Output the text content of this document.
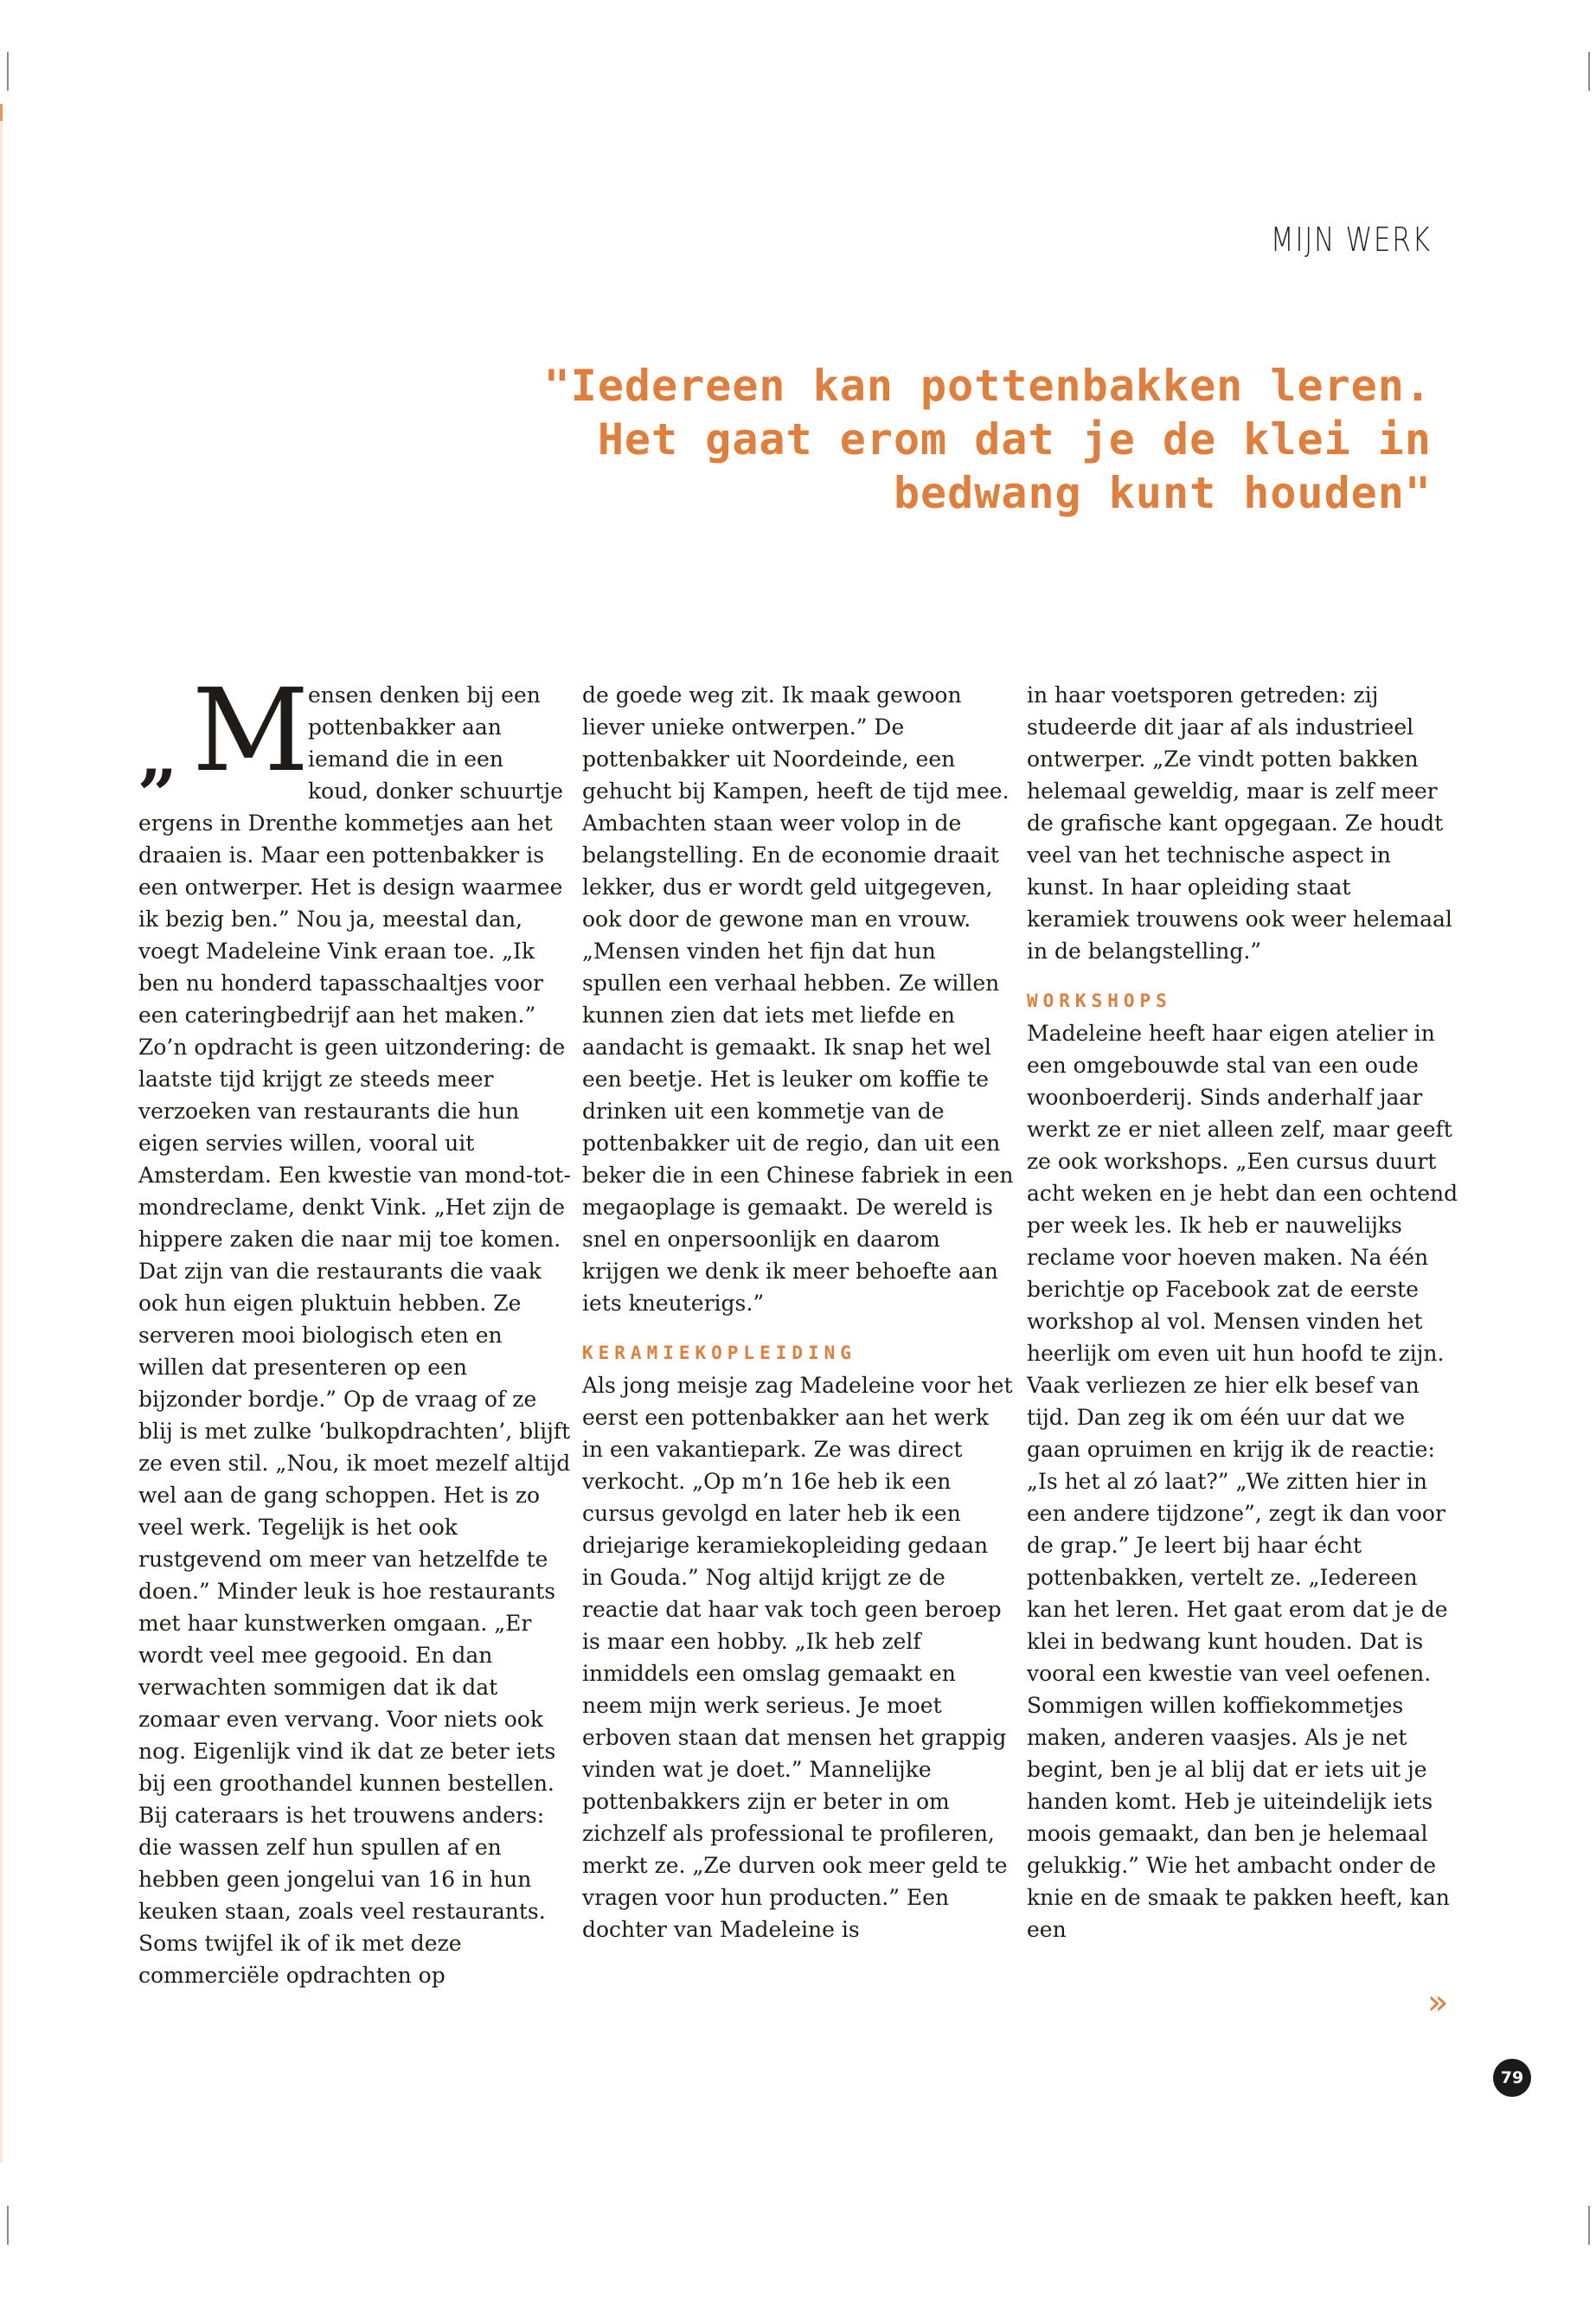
MIJN WERK
"Iedereen kan pottenbakken leren. Het gaat erom dat je de klei in bedwang kunt houden"
„ M

ensen denken bij een pottenbakker aan iemand die in een koud, donker schuurtje ergens in Drenthe kommetjes aan het draaien is. Maar een pottenbakker is een ontwerper. Het is design waarmee ik bezig ben.” Nou ja, meestal dan, voegt Madeleine Vink eraan toe. „Ik ben nu honderd tapasschaaltjes voor een cateringbedrijf aan het maken.” Zo’n opdracht is geen uitzondering: de laatste tijd krijgt ze steeds meer verzoeken van restaurants die hun eigen servies willen, vooral uit Amsterdam. Een kwestie van mond-tot-mondreclame, denkt Vink. „Het zijn de hippere zaken die naar mij toe komen. Dat zijn van die restaurants die vaak ook hun eigen pluktuin hebben. Ze serveren mooi biologisch eten en willen dat presenteren op een bijzonder bordje.” Op de vraag of ze blij is met zulke ‘bulkopdrachten’, blijft ze even stil. „Nou, ik moet mezelf altijd wel aan de gang schoppen. Het is zo veel werk. Tegelijk is het ook rustgevend om meer van hetzelfde te doen.” Minder leuk is hoe restaurants met haar kunstwerken omgaan. „Er wordt veel mee gegooid. En dan verwachten sommigen dat ik dat zomaar even vervang. Voor niets ook nog. Eigenlijk vind ik dat ze beter iets bij een groothandel kunnen bestellen. Bij cateraars is het trouwens anders: die wassen zelf hun spullen af en hebben geen jongelui van 16 in hun keuken staan, zoals veel restaurants. Soms twijfel ik of ik met deze commerciële opdrachten op

de goede weg zit. Ik maak gewoon liever unieke ontwerpen.” De pottenbakker uit Noordeinde, een gehucht bij Kampen, heeft de tijd mee. Ambachten staan weer volop in de belangstelling. En de economie draait lekker, dus er wordt geld uitgegeven, ook door de gewone man en vrouw. „Mensen vinden het fijn dat hun spullen een verhaal hebben. Ze willen kunnen zien dat iets met liefde en aandacht is gemaakt. Ik snap het wel een beetje. Het is leuker om koffie te drinken uit een kommetje van de pottenbakker uit de regio, dan uit een beker die in een Chinese fabriek in een megaoplage is gemaakt. De wereld is snel en onpersoonlijk en daarom krijgen we denk ik meer behoefte aan iets kneuterigs.”

KERAMIEKOPLEIDING

Als jong meisje zag Madeleine voor het eerst een pottenbakker aan het werk in een vakantiepark. Ze was direct verkocht. „Op m’n 16e heb ik een cursus gevolgd en later heb ik een driejarige keramiekopleiding gedaan in Gouda.” Nog altijd krijgt ze de reactie dat haar vak toch geen beroep is maar een hobby. „Ik heb zelf inmiddels een omslag gemaakt en neem mijn werk serieus. Je moet erboven staan dat mensen het grappig vinden wat je doet.” Mannelijke pottenbakkers zijn er beter in om zichzelf als professional te profileren, merkt ze. „Ze durven ook meer geld te vragen voor hun producten.” Een dochter van Madeleine is

in haar voetsporen getreden: zij studeerde dit jaar af als industrieel ontwerper. „Ze vindt potten bakken helemaal geweldig, maar is zelf meer de grafische kant opgegaan. Ze houdt veel van het technische aspect in kunst. In haar opleiding staat keramiek trouwens ook weer helemaal in de belangstelling.”

WORKSHOPS

Madeleine heeft haar eigen atelier in een omgebouwde stal van een oude woonboerderij. Sinds anderhalf jaar werkt ze er niet alleen zelf, maar geeft ze ook workshops. „Een cursus duurt acht weken en je hebt dan een ochtend per week les. Ik heb er nauwelijks reclame voor hoeven maken. Na één berichtje op Facebook zat de eerste workshop al vol. Mensen vinden het heerlijk om even uit hun hoofd te zijn. Vaak verliezen ze hier elk besef van tijd. Dan zeg ik om één uur dat we gaan opruimen en krijg ik de reactie: „Is het al zó laat?” „We zitten hier in een andere tijdzone”, zegt ik dan voor de grap.” Je leert bij haar écht pottenbakken, vertelt ze. „Iedereen kan het leren. Het gaat erom dat je de klei in bedwang kunt houden. Dat is vooral een kwestie van veel oefenen. Sommigen willen koffiekommetjes maken, anderen vaasjes. Als je net begint, ben je al blij dat er iets uit je handen komt. Heb je uiteindelijk iets moois gemaakt, dan ben je helemaal gelukkig.” Wie het ambacht onder de knie en de smaak te pakken heeft, kan een

»
79
